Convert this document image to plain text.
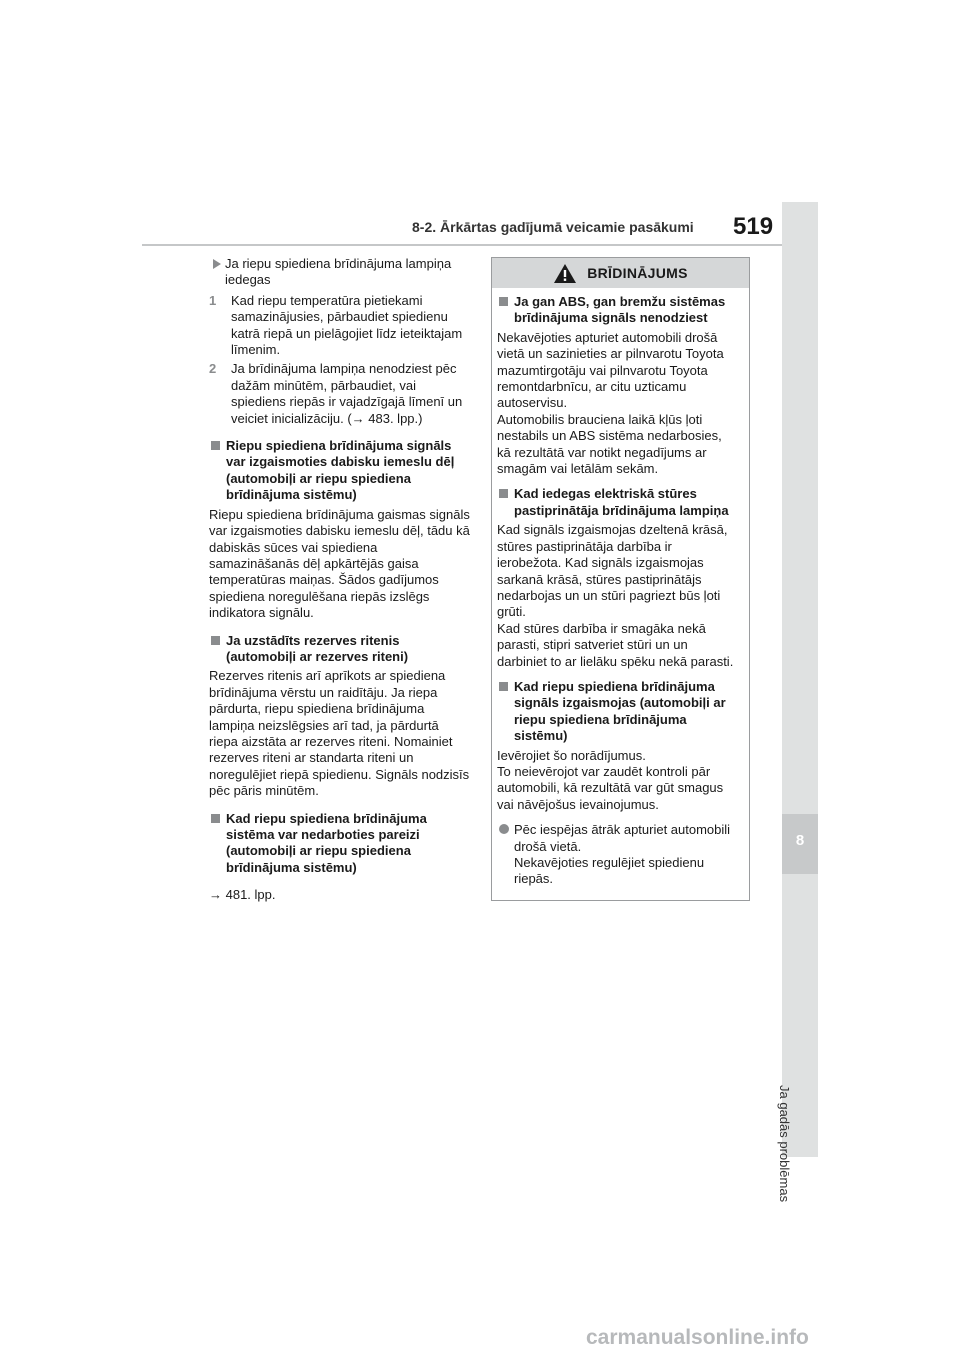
8
Ja gadās problēmas
8-2. Ārkārtas gadījumā veicamie pasākumi 519
Ja riepu spiediena brīdinājuma lampiņa iedegas
1	Kad riepu temperatūra pietiekami samazinājusies, pārbaudiet spiedienu katrā riepā un pielāgojiet līdz ieteiktajam līmenim.
2	Ja brīdinājuma lampiņa nenodziest pēc dažām minūtēm, pārbaudiet, vai spiediens riepās ir vajadzīgajā līmenī un veiciet inicializāciju. (→ 483. lpp.)
Riepu spiediena brīdinājuma signāls var izgaismoties dabisku iemeslu dēļ (automobiļi ar riepu spiediena brīdinājuma sistēmu)

Riepu spiediena brīdinājuma gaismas signāls var izgaismoties dabisku iemeslu dēļ, tādu kā dabiskās sūces vai spiediena samazināšanās dēļ apkārtējās gaisa temperatūras maiņas. Šādos gadījumos spiediena noregulēšana riepās izslēgs indikatora signālu.

Ja uzstādīts rezerves ritenis (automobiļi ar rezerves riteni)

Rezerves ritenis arī aprīkots ar spiediena brīdinājuma vērstu un raidītāju. Ja riepa pārdurta, riepu spiediena brīdinājuma lampiņa neizslēgsies arī tad, ja pārdurtā riepa aizstāta ar rezerves riteni. Nomainiet rezerves riteni ar standarta riteni un noregulējiet riepā spiedienu. Signāls nodzisīs pēc pāris minūtēm.

Kad riepu spiediena brīdinājuma sistēma var nedarboties pareizi (automobiļi ar riepu spiediena brīdinājuma sistēmu)
→ 481. lpp.
BRĪDINĀJUMS
Ja gan ABS, gan bremžu sistēmas brīdinājuma signāls nenodziest
Nekavējoties apturiet automobili drošā vietā un sazinieties ar pilnvarotu Toyota mazumtirgotāju vai pilnvarotu Toyota remontdarbnīcu, ar citu uzticamu autoservisu.
Automobilis brauciena laikā kļūs ļoti nestabils un ABS sistēma nedarbosies, kā rezultātā var notikt negadījums ar smagām vai letālām sekām.
Kad iedegas elektriskā stūres pastiprinātāja brīdinājuma lampiņa
Kad signāls izgaismojas dzeltenā krāsā, stūres pastiprinātāja darbība ir ierobežota. Kad signāls izgaismojas sarkanā krāsā, stūres pastiprinātājs nedarbojas un un stūri pagriezt būs ļoti grūti.
Kad stūres darbība ir smagāka nekā parasti, stipri satveriet stūri un un darbiniet to ar lielāku spēku nekā parasti.
Kad riepu spiediena brīdinājuma signāls izgaismojas (automobiļi ar riepu spiediena brīdinājuma sistēmu)
Ievērojiet šo norādījumus.
To neievērojot var zaudēt kontroli pār automobili, kā rezultātā var gūt smagus vai nāvējošus ievainojumus.
Pēc iespējas ātrāk apturiet automobili drošā vietā.
Nekavējoties regulējiet spiedienu riepās.
carmanualsonline.info
